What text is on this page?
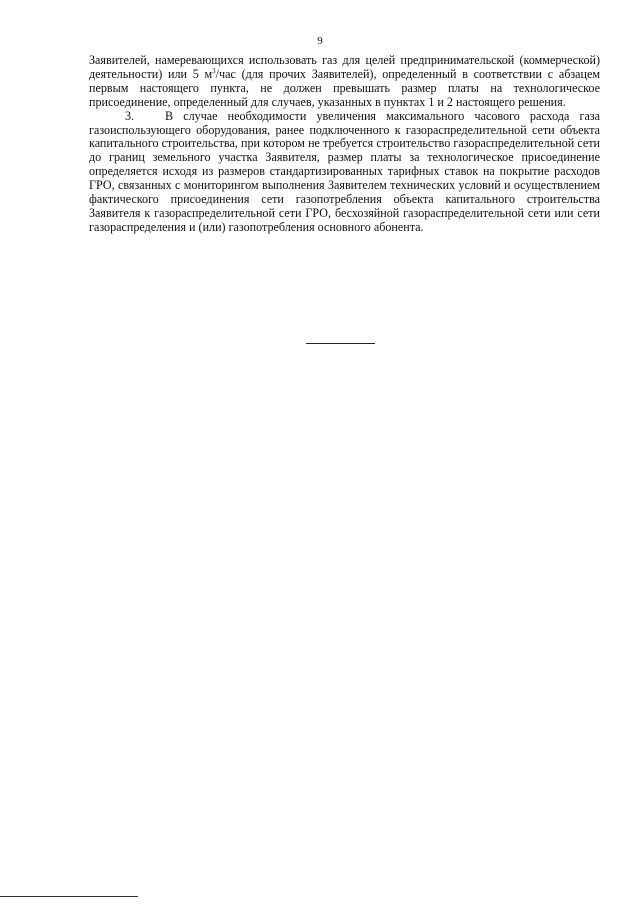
9

Заявителей, намеревающихся использовать газ для целей предпринимательской (коммерческой) деятельности) или 5 $м^3$/час (для прочих Заявителей), определенный в соответствии с абзацем первым настоящего пункта, не должен превышать размер платы на технологическое присоединение, определенный для случаев, указанных в пунктах 1 и 2 настоящего решения.

3.	В случае необходимости увеличения максимального часового расхода газа газоиспользующего оборудования, ранее подключенного к газораспределительной сети объекта капитального строительства, при котором не требуется строительство газораспределительной сети до границ земельного участка Заявителя, размер платы за технологическое присоединение определяется исходя из размеров стандартизированных тарифных ставок на покрытие расходов ГРО, связанных с мониторингом выполнения Заявителем технических условий и осуществлением фактического присоединения сети газопотребления объекта капитального строительства Заявителя к газораспределительной сети ГРО, бесхозяйной газораспределительной сети или сети газораспределения и (или) газопотребления основного абонента.
